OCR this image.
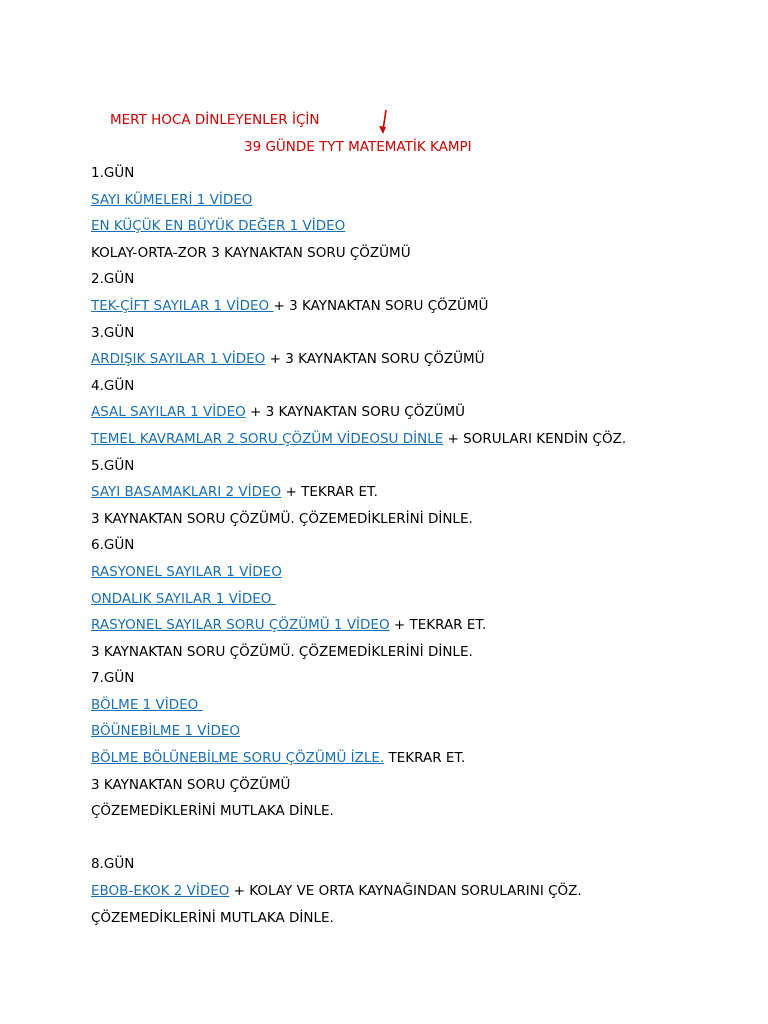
MERT HOCA DİNLEYENLER İÇİN
39 GÜNDE TYT MATEMATİK KAMPI
1.GÜN
SAYI KÜMELERİ 1 VİDEO
EN KÜÇÜK EN BÜYÜK DEĞER 1 VİDEO
KOLAY-ORTA-ZOR 3 KAYNAKTAN SORU ÇÖZÜMÜ
2.GÜN
TEK-ÇİFT SAYILAR 1 VİDEO + 3 KAYNAKTAN SORU ÇÖZÜMÜ
3.GÜN
ARDIŞIK SAYILAR 1 VİDEO + 3 KAYNAKTAN SORU ÇÖZÜMÜ
4.GÜN
ASAL SAYILAR 1 VİDEO + 3 KAYNAKTAN SORU ÇÖZÜMÜ
TEMEL KAVRAMLAR 2 SORU ÇÖZÜM VİDEOSU DİNLE + SORULARI KENDİN ÇÖZ.
5.GÜN
SAYI BASAMAKLARI 2 VİDEO + TEKRAR ET.
3 KAYNAKTAN SORU ÇÖZÜMÜ. ÇÖZEMEDİKLERİNİ DİNLE.
6.GÜN
RASYONEL SAYILAR 1 VİDEO
ONDALIK SAYILAR 1 VİDEO
RASYONEL SAYILAR SORU ÇÖZÜMÜ 1 VİDEO + TEKRAR ET.
3 KAYNAKTAN SORU ÇÖZÜMÜ. ÇÖZEMEDİKLERİNİ DİNLE.
7.GÜN
BÖLME 1 VİDEO
BÖÜNEBİLME 1 VİDEO
BÖLME BÖLÜNEBİLME SORU ÇÖZÜMÜ İZLE. TEKRAR ET.
3 KAYNAKTAN SORU ÇÖZÜMÜ
ÇÖZEMEDİKLERİNİ MUTLAKA DİNLE.
8.GÜN
EBOB-EKOK 2 VİDEO + KOLAY VE ORTA KAYNAĞINDAN SORULARINI ÇÖZ.
ÇÖZEMEDİKLERİNİ MUTLAKA DİNLE.
